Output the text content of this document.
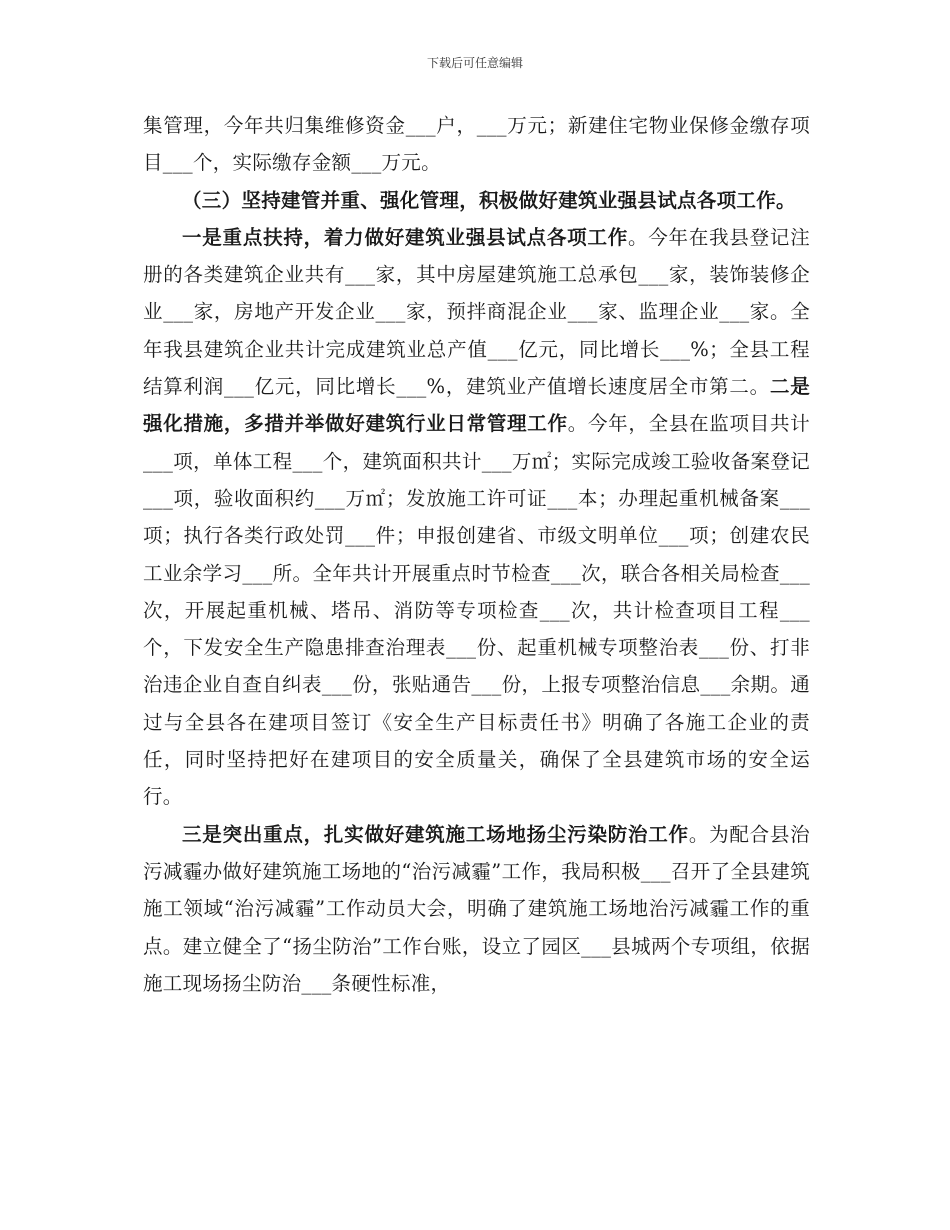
下载后可任意编辑

集管理，今年共归集维修资金___户，___万元；新建住宅物业保修金缴存项目___个，实际缴存金额___万元。

（三）坚持建管并重、强化管理，积极做好建筑业强县试点各项工作。

一是重点扶持，着力做好建筑业强县试点各项工作。今年在我县登记注册的各类建筑企业共有___家，其中房屋建筑施工总承包___家，装饰装修企业___家，房地产开发企业___家，预拌商混企业___家、监理企业___家。全年我县建筑企业共计完成建筑业总产值___亿元，同比增长___%；全县工程结算利润___亿元，同比增长___%，建筑业产值增长速度居全市第二。二是强化措施，多措并举做好建筑行业日常管理工作。今年，全县在监项目共计___项，单体工程___个，建筑面积共计___万㎡；实际完成竣工验收备案登记___项，验收面积约___万㎡；发放施工许可证___本；办理起重机械备案___项；执行各类行政处罚___件；申报创建省、市级文明单位___项；创建农民工业余学习___所。全年共计开展重点时节检查___次，联合各相关局检查___次，开展起重机械、塔吊、消防等专项检查___次，共计检查项目工程___个，下发安全生产隐患排查治理表___份、起重机械专项整治表___份、打非治违企业自查自纠表___份，张贴通告___份，上报专项整治信息___余期。通过与全县各在建项目签订《安全生产目标责任书》明确了各施工企业的责任，同时坚持把好在建项目的安全质量关，确保了全县建筑市场的安全运行。

三是突出重点，扎实做好建筑施工场地扬尘污染防治工作。为配合县治污减霾办做好建筑施工场地的“治污减霾”工作，我局积极___召开了全县建筑施工领域“治污减霾”工作动员大会，明确了建筑施工场地治污减霾工作的重点。建立健全了“扬尘防治”工作台账，设立了园区___县城两个专项组，依据施工现场扬尘防治___条硬性标准，
